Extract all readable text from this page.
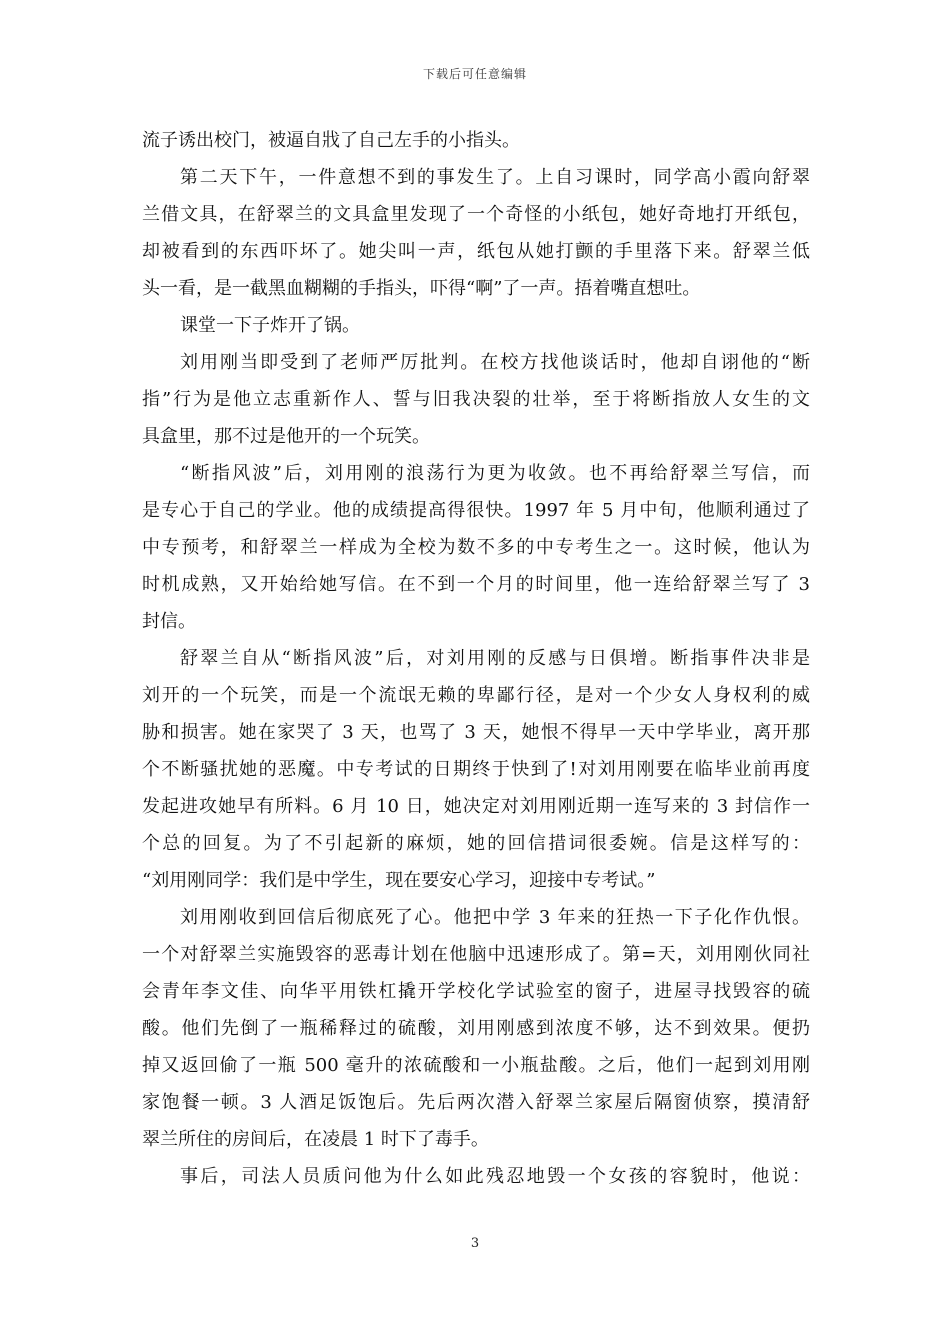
下载后可任意编辑
流子诱出校门，被逼自戕了自己左手的小指头。
第二天下午，一件意想不到的事发生了。上自习课时，同学高小霞向舒翠
兰借文具，在舒翠兰的文具盒里发现了一个奇怪的小纸包，她好奇地打开纸包，
却被看到的东西吓坏了。她尖叫一声，纸包从她打颤的手里落下来。舒翠兰低
头一看，是一截黑血糊糊的手指头，吓得“啊”了一声。捂着嘴直想吐。
课堂一下子炸开了锅。
刘用刚当即受到了老师严厉批判。在校方找他谈话时，他却自诩他的“断
指”行为是他立志重新作人、誓与旧我决裂的壮举，至于将断指放人女生的文
具盒里，那不过是他开的一个玩笑。
“断指风波”后，刘用刚的浪荡行为更为收敛。也不再给舒翠兰写信，而
是专心于自己的学业。他的成绩提高得很快。1997 年 5 月中旬，他顺利通过了
中专预考，和舒翠兰一样成为全校为数不多的中专考生之一。这时候，他认为
时机成熟，又开始给她写信。在不到一个月的时间里，他一连给舒翠兰写了 3
封信。
舒翠兰自从“断指风波”后，对刘用刚的反感与日俱增。断指事件决非是
刘开的一个玩笑，而是一个流氓无赖的卑鄙行径，是对一个少女人身权利的威
胁和损害。她在家哭了 3 天，也骂了 3 天，她恨不得早一天中学毕业，离开那
个不断骚扰她的恶魔。中专考试的日期终于快到了!对刘用刚要在临毕业前再度
发起进攻她早有所料。6 月 10 日，她决定对刘用刚近期一连写来的 3 封信作一
个总的回复。为了不引起新的麻烦，她的回信措词很委婉。信是这样写的：
“刘用刚同学：我们是中学生，现在要安心学习，迎接中专考试。”
刘用刚收到回信后彻底死了心。他把中学 3 年来的狂热一下子化作仇恨。
一个对舒翠兰实施毁容的恶毒计划在他脑中迅速形成了。第=天，刘用刚伙同社
会青年李文佳、向华平用铁杠撬开学校化学试验室的窗子，进屋寻找毁容的硫
酸。他们先倒了一瓶稀释过的硫酸，刘用刚感到浓度不够，达不到效果。便扔
掉又返回偷了一瓶 500 毫升的浓硫酸和一小瓶盐酸。之后，他们一起到刘用刚
家饱餐一顿。3 人酒足饭饱后。先后两次潜入舒翠兰家屋后隔窗侦察，摸清舒
翠兰所住的房间后，在凌晨 1 时下了毒手。
事后，司法人员质问他为什么如此残忍地毁一个女孩的容貌时，他说：
3
